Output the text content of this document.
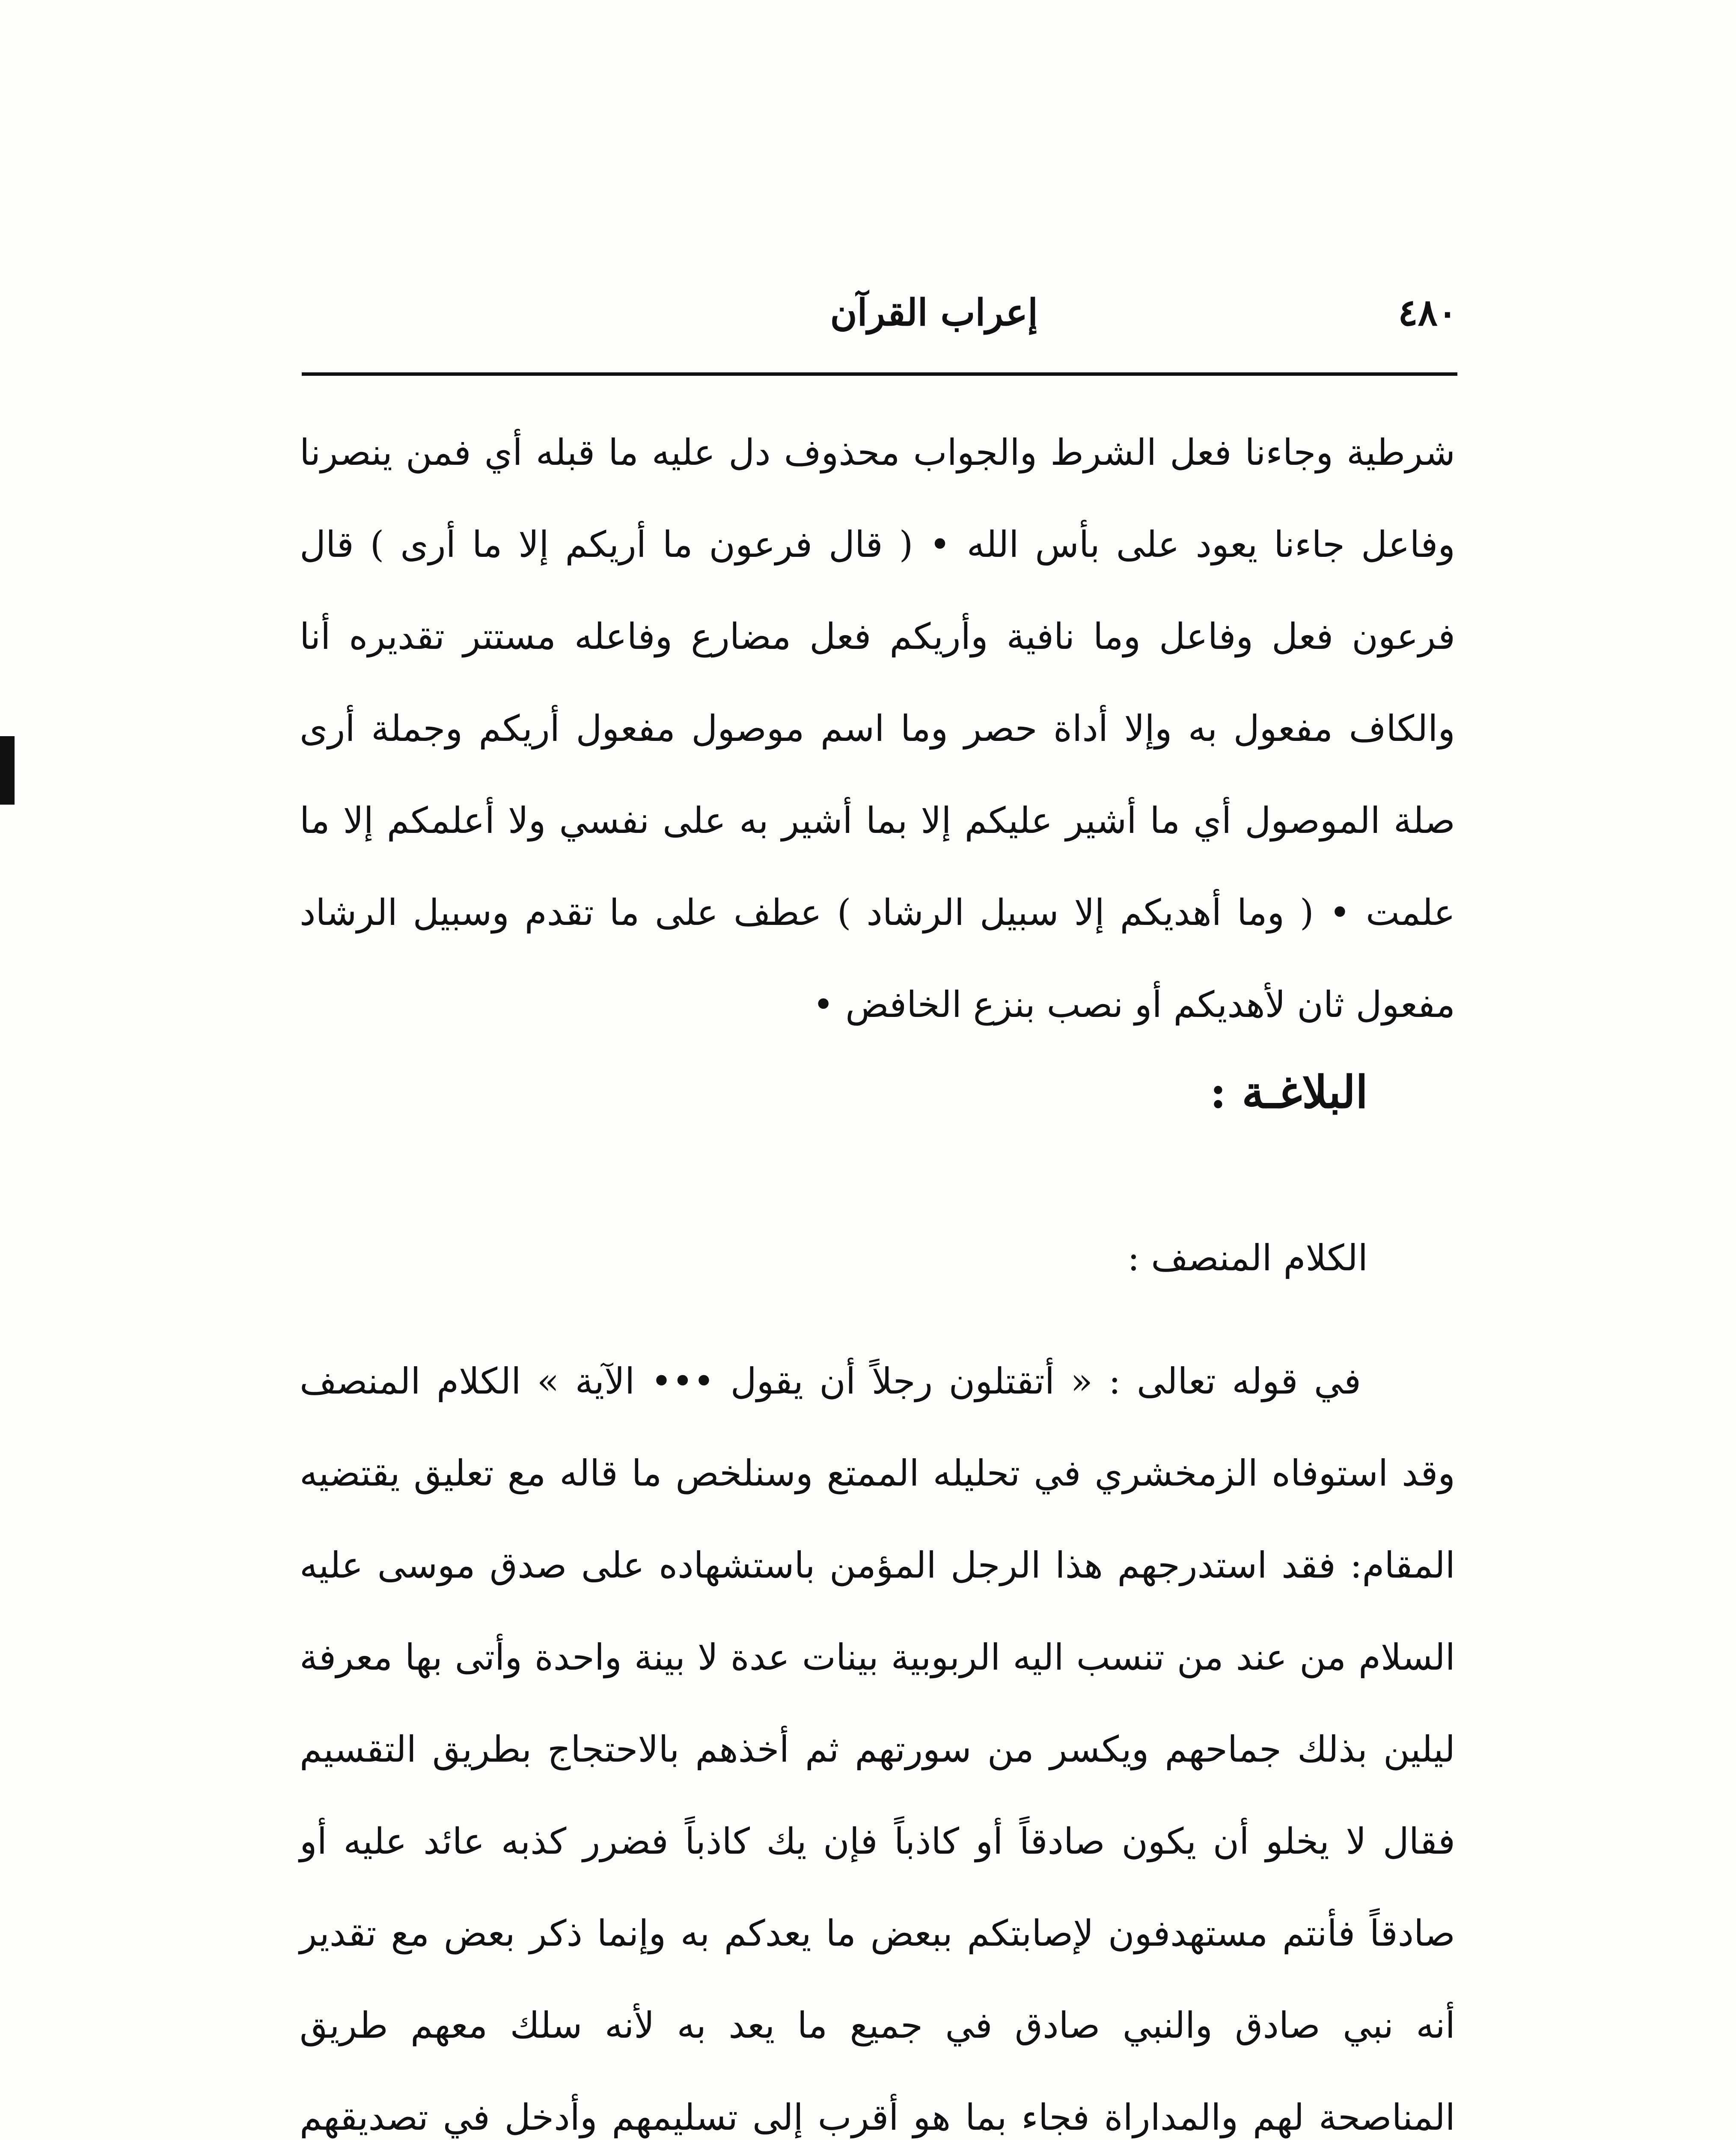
٤٨٠
إعراب القرآن
شرطية وجاءنا فعل الشرط والجواب محذوف دل عليه ما قبله أي فمن ينصرنا وفاعل جاءنا يعود على بأس الله • ( قال فرعون ما أريكم إلا ما أرى ) قال فرعون فعل وفاعل وما نافية وأريكم فعل مضارع وفاعله مستتر تقديره أنا والكاف مفعول به وإلا أداة حصر وما اسم موصول مفعول أريكم وجملة أرى صلة الموصول أي ما أشير عليكم إلا بما أشير به على نفسي ولا أعلمكم إلا ما علمت • ( وما أهديكم إلا سبيل الرشاد ) عطف على ما تقدم وسبيل الرشاد مفعول ثان لأهديكم أو نصب بنزع الخافض •
البلاغـة :
الكلام المنصف :
في قوله تعالى : « أتقتلون رجلاً أن يقول ••• الآية » الكلام المنصف وقد استوفاه الزمخشري في تحليله الممتع وسنلخص ما قاله مع تعليق يقتضيه المقام: فقد استدرجهم هذا الرجل المؤمن باستشهاده على صدق موسى عليه السلام من عند من تنسب اليه الربوبية بينات عدة لا بينة واحدة وأتى بها معرفة ليلين بذلك جماحهم ويكسر من سورتهم ثم أخذهم بالاحتجاج بطريق التقسيم فقال لا يخلو أن يكون صادقاً أو كاذباً فإن يك كاذباً فضرر كذبه عائد عليه أو صادقاً فأنتم مستهدفون لإصابتكم ببعض ما يعدكم به وإنما ذكر بعض مع تقدير أنه نبي صادق والنبي صادق في جميع ما يعد به لأنه سلك معهم طريق المناصحة لهم والمداراة فجاء بما هو أقرب إلى تسليمهم وأدخل في تصديقهم
